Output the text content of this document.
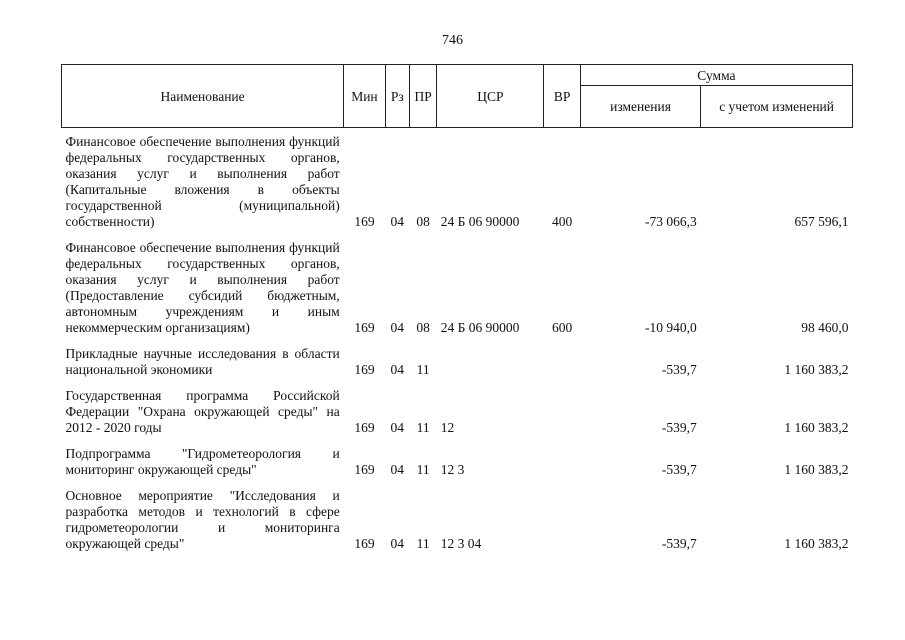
746
Наименование	Мин	Рз	ПР	ЦСР	ВР	Сумма	
						изменения	с учетом изменений
Финансовое обеспечение выполнения функций федеральных государственных органов, оказания услуг и выполнения работ (Капитальные вложения в объекты государственной (муниципальной) собственности)	169	04	08	24 Б 06 90000	400	-73 066,3	657 596,1
Финансовое обеспечение выполнения функций федеральных государственных органов, оказания услуг и выполнения работ (Предоставление субсидий бюджетным, автономным учреждениям и иным некоммерческим организациям)	169	04	08	24 Б 06 90000	600	-10 940,0	98 460,0
Прикладные научные исследования в области национальной экономики	169	04	11			-539,7	1 160 383,2
Государственная программа Российской Федерации "Охрана окружающей среды" на 2012 - 2020 годы	169	04	11	12		-539,7	1 160 383,2
Подпрограмма "Гидрометеорология и мониторинг окружающей среды"	169	04	11	12 3		-539,7	1 160 383,2
Основное мероприятие "Исследования и разработка методов и технологий в сфере гидрометеорологии и мониторинга окружающей среды"	169	04	11	12 3 04		-539,7	1 160 383,2
